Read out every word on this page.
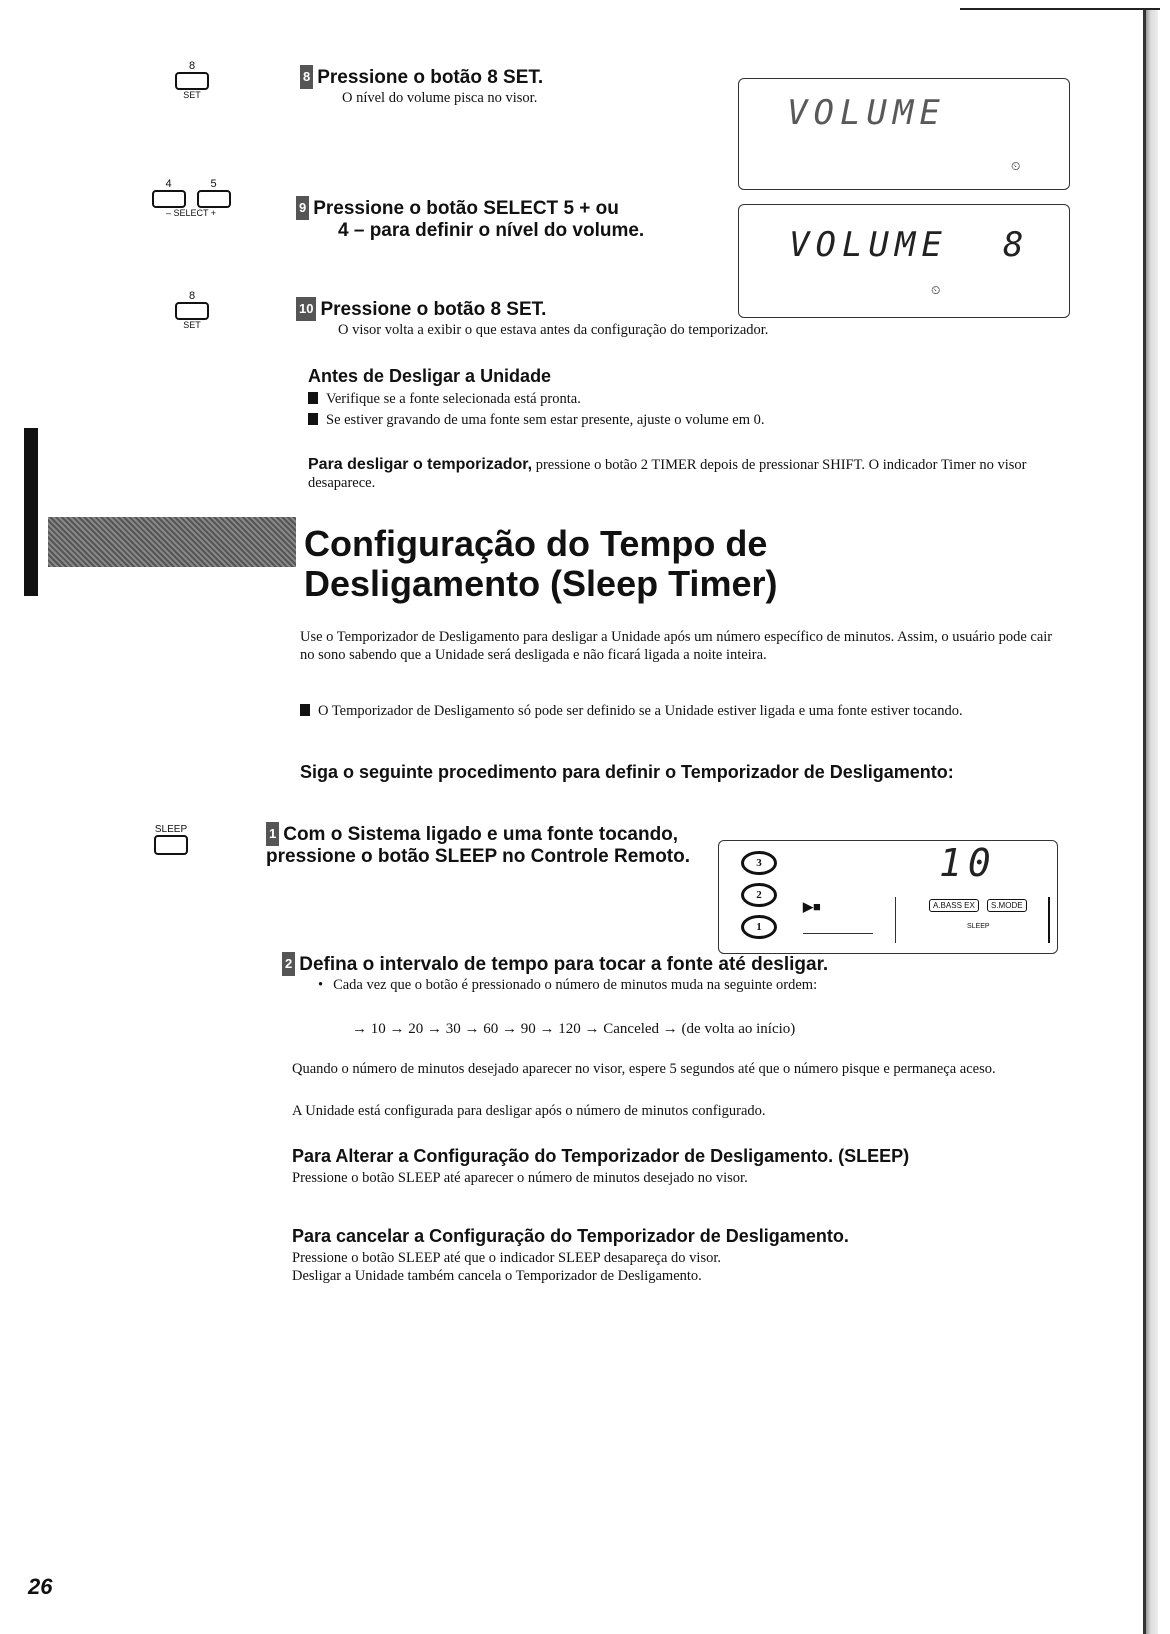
8
SET
4	5
– SELECT +
8
SET
SLEEP
8 Pressione o botão 8 SET.
O nível do volume pisca no visor.
9 Pressione o botão SELECT 5 + ou
4 – para definir o nível do volume.
10 Pressione o botão 8 SET.
O visor volta a exibir o que estava antes da configuração do temporizador.
VOLUME
⏲
VOLUME 8
⏲
Antes de Desligar a Unidade
Verifique se a fonte selecionada está pronta.
Se estiver gravando de uma fonte sem estar presente, ajuste o volume em 0.
Para desligar o temporizador, pressione o botão 2 TIMER depois de pressionar SHIFT. O indicador Timer no visor desaparece.
Configuração do Tempo de
Desligamento (Sleep Timer)
Use o Temporizador de Desligamento para desligar a Unidade após um número específico de minutos. Assim, o usuário pode cair no sono sabendo que a Unidade será desligada e não ficará ligada a noite inteira.
O Temporizador de Desligamento só pode ser definido se a Unidade estiver ligada e uma fonte estiver tocando.
Siga o seguinte procedimento para definir o Temporizador de Desligamento:
1 Com o Sistema ligado e uma fonte tocando, pressione o botão SLEEP no Controle Remoto.	3
2
1
▶■
10
A.BASS EX	S.MODE
SLEEP
2 Defina o intervalo de tempo para tocar a fonte até desligar.
• Cada vez que o botão é pressionado o número de minutos muda na seguinte ordem:
→ 10 → 20 → 30 → 60 → 90 → 120 → Canceled → (de volta ao início)
Quando o número de minutos desejado aparecer no visor, espere 5 segundos até que o número pisque e permaneça aceso.
A Unidade está configurada para desligar após o número de minutos configurado.
Para Alterar a Configuração do Temporizador de Desligamento. (SLEEP)
Pressione o botão SLEEP até aparecer o número de minutos desejado no visor.
Para cancelar a Configuração do Temporizador de Desligamento.
Pressione o botão SLEEP até que o indicador SLEEP desapareça do visor.
Desligar a Unidade também cancela o Temporizador de Desligamento.
26
